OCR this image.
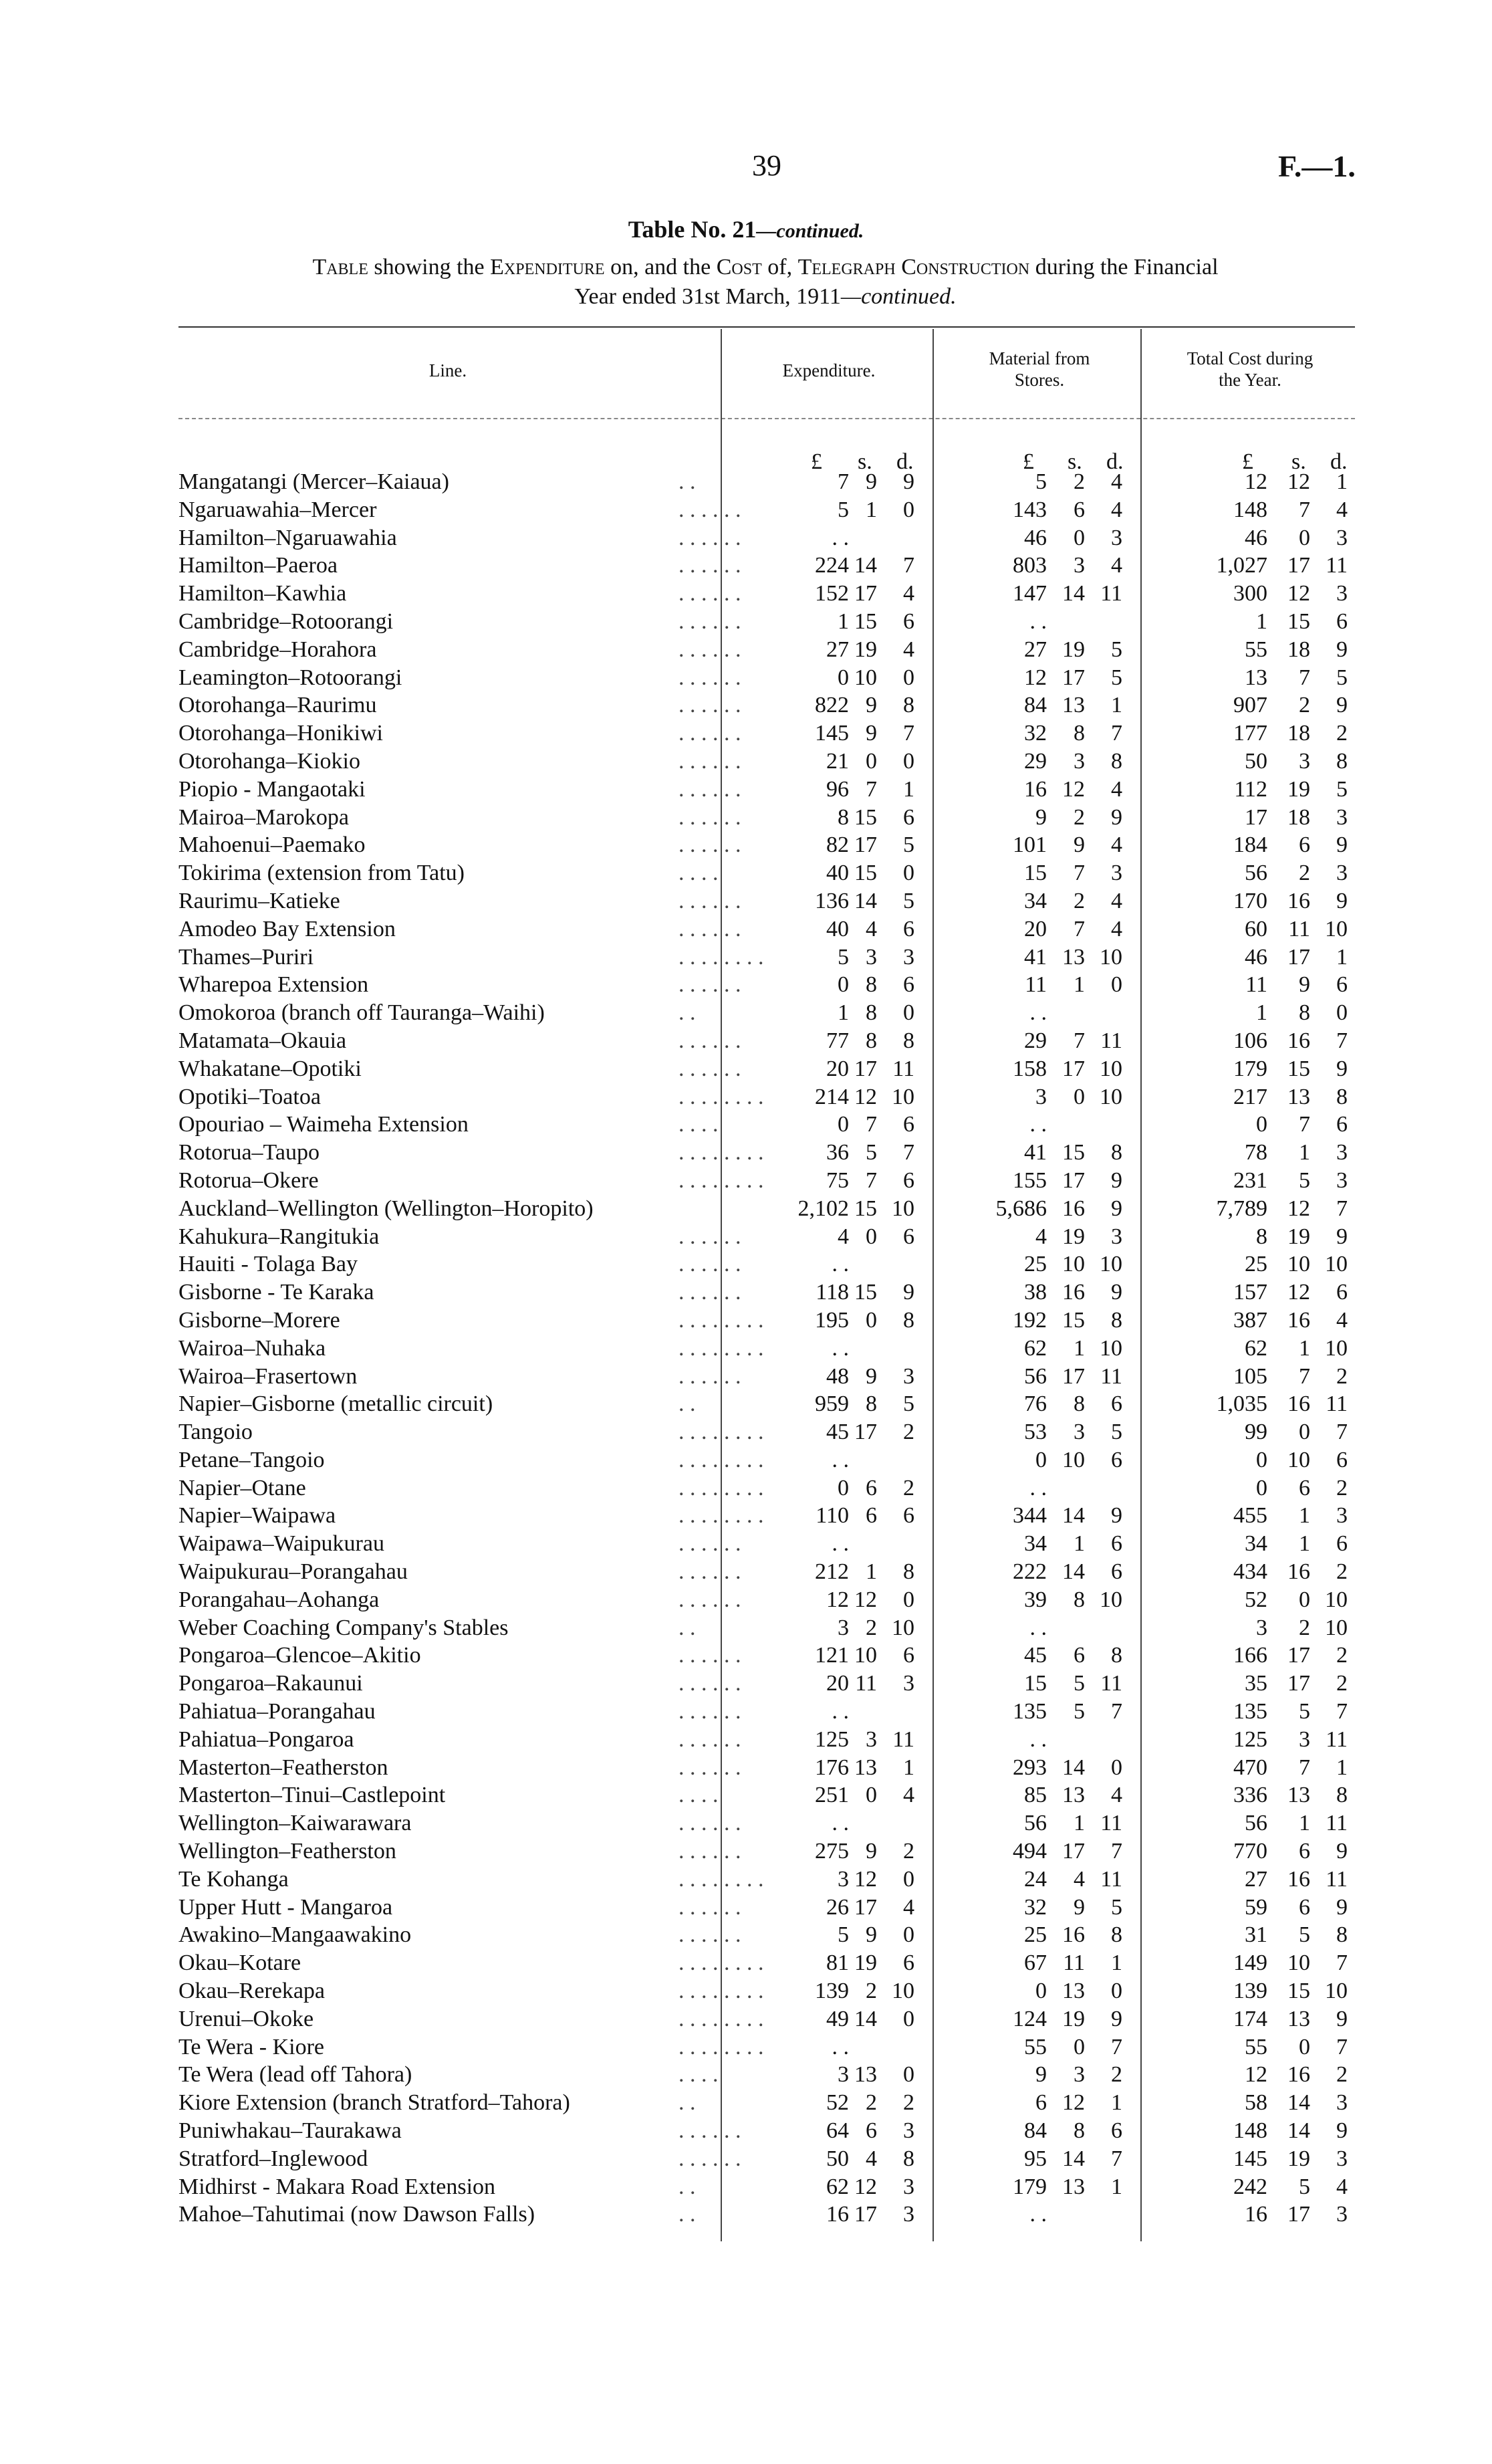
39	F.—1.
Table No. 21—continued.
Table showing the Expenditure on, and the Cost of, Telegraph Construction during the Financial
Year ended 31st March, 1911—continued.
Line.	Expenditure.
Material from
Stores.
Total Cost during
the Year.
£ s. d.	£ s. d.	£ s. d.
Mangatangi (Mercer–Kaiaua)	. .	7 9 9	5 2 4	12 12 1
Ngaruawahia–Mercer	. . . . . .	5 1 0	143 6 4	148 7 4
Hamilton–Ngaruawahia	. . . . . .	. .	46 0 3	46 0 3
Hamilton–Paeroa	. . . . . .	224 14 7	803 3 4	1,027 17 11
Hamilton–Kawhia	. . . . . .	152 17 4	147 14 11	300 12 3
Cambridge–Rotoorangi	. . . . . .	1 15 6	. .	1 15 6
Cambridge–Horahora	. . . . . .	27 19 4	27 19 5	55 18 9
Leamington–Rotoorangi	. . . . . .	0 10 0	12 17 5	13 7 5
Otorohanga–Raurimu	. . . . . .	822 9 8	84 13 1	907 2 9
Otorohanga–Honikiwi	. . . . . .	145 9 7	32 8 7	177 18 2
Otorohanga–Kiokio	. . . . . .	21 0 0	29 3 8	50 3 8
Piopio - Mangaotaki	. . . . . .	96 7 1	16 12 4	112 19 5
Mairoa–Marokopa	. . . . . .	8 15 6	9 2 9	17 18 3
Mahoenui–Paemako	. . . . . .	82 17 5	101 9 4	184 6 9
Tokirima (extension from Tatu)	. . . .	40 15 0	15 7 3	56 2 3
Raurimu–Katieke	. . . . . .	136 14 5	34 2 4	170 16 9
Amodeo Bay Extension	. . . . . .	40 4 6	20 7 4	60 11 10
Thames–Puriri	. . . . . . . .	5 3 3	41 13 10	46 17 1
Wharepoa Extension	. . . . . .	0 8 6	11 1 0	11 9 6
Omokoroa (branch off Tauranga–Waihi)	. .	1 8 0	. .	1 8 0
Matamata–Okauia	. . . . . .	77 8 8	29 7 11	106 16 7
Whakatane–Opotiki	. . . . . .	20 17 11	158 17 10	179 15 9
Opotiki–Toatoa	. . . . . . . . 214 12 10	3 0 10	217 13 8
Opouriao – Waimeha Extension	. . . .	0 7 6	. .	0 7 6
Rotorua–Taupo	. . . . . . . .	36 5 7	41 15 8	78 1 3
Rotorua–Okere	. . . . . . . .	75 7 6	155 17 9	231 5 3
Auckland–Wellington (Wellington–Horopito)	2,102 15 10	5,686 16 9	7,789 12 7
Kahukura–Rangitukia	. . . . . .	4 0 6	4 19 3	8 19 9
Hauiti - Tolaga Bay	. . . . . .	. .	25 10 10	25 10 10
Gisborne - Te Karaka	. . . . . .	118 15 9	38 16 9	157 12 6
Gisborne–Morere	. . . . . . . . 195 0 8	192 15 8	387 16 4
Wairoa–Nuhaka	. . . . . . . .	. .	62 1 10	62 1 10
Wairoa–Frasertown	. . . . . .	48 9 3	56 17 11	105 7 2
Napier–Gisborne (metallic circuit)	. .	959 8 5	76 8 6	1,035 16 11
Tangoio	. . . . . . . .	45 17 2	53 3 5	99 0 7
Petane–Tangoio	. . . . . . . .	. .	0 10 6	0 10 6
Napier–Otane	. . . . . . . .	0 6 2	. .	0 6 2
Napier–Waipawa	. . . . . . . . 110 6 6	344 14 9	455 1 3
Waipawa–Waipukurau	. . . . . .	. .	34 1 6	34 1 6
Waipukurau–Porangahau	. . . . . .	212 1 8	222 14 6	434 16 2
Porangahau–Aohanga	. . . . . .	12 12 0	39 8 10	52 0 10
Weber Coaching Company's Stables	. .	3 2 10	. .	3 2 10
Pongaroa–Glencoe–Akitio	. . . . . .	121 10 6	45 6 8	166 17 2
Pongaroa–Rakaunui	. . . . . .	20 11 3	15 5 11	35 17 2
Pahiatua–Porangahau	. . . . . .	. .	135 5 7	135 5 7
Pahiatua–Pongaroa	. . . . . .	125 3 11	. .	125 3 11
Masterton–Featherston	. . . . . .	176 13 1	293 14 0	470 7 1
Masterton–Tinui–Castlepoint	. . . .	251 0 4	85 13 4	336 13 8
Wellington–Kaiwarawara	. . . . . .	. .	56 1 11	56 1 11
Wellington–Featherston	. . . . . .	275 9 2	494 17 7	770 6 9
Te Kohanga	. . . . . . . .	3 12 0	24 4 11	27 16 11
Upper Hutt - Mangaroa	. . . . . .	26 17 4	32 9 5	59 6 9
Awakino–Mangaawakino	. . . . . .	5 9 0	25 16 8	31 5 8
Okau–Kotare	. . . . . . . .	81 19 6	67 11 1	149 10 7
Okau–Rerekapa	. . . . . . . . 139 2 10	0 13 0	139 15 10
Urenui–Okoke	. . . . . . . .	49 14 0	124 19 9	174 13 9
Te Wera - Kiore	. . . . . . . .	. .	55 0 7	55 0 7
Te Wera (lead off Tahora)	. . . .	3 13 0	9 3 2	12 16 2
Kiore Extension (branch Stratford–Tahora)	. .	52 2 2	6 12 1	58 14 3
Puniwhakau–Taurakawa	. . . . . .	64 6 3	84 8 6	148 14 9
Stratford–Inglewood	. . . . . .	50 4 8	95 14 7	145 19 3
Midhirst - Makara Road Extension	. .	62 12 3	179 13 1	242 5 4
Mahoe–Tahutimai (now Dawson Falls)	. .	16 17 3	. .	16 17 3
